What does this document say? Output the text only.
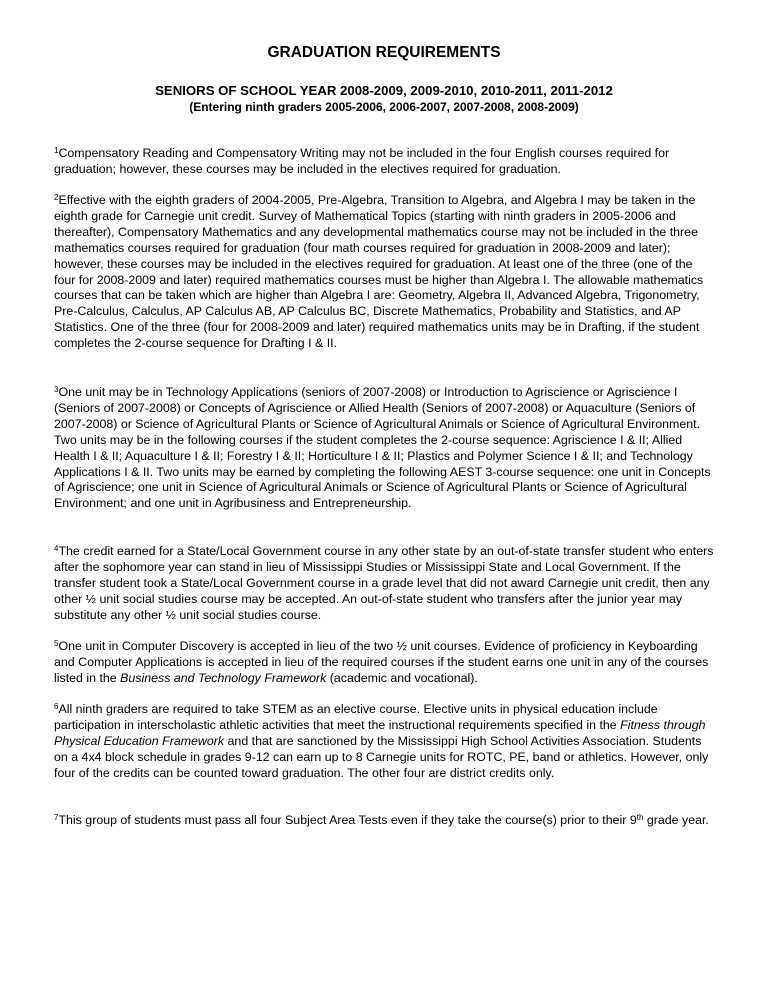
GRADUATION REQUIREMENTS
SENIORS OF SCHOOL YEAR 2008-2009, 2009-2010, 2010-2011, 2011-2012
(Entering ninth graders 2005-2006, 2006-2007, 2007-2008, 2008-2009)

$^1$Compensatory Reading and Compensatory Writing may not be included in the four English courses required for graduation; however, these courses may be included in the electives required for graduation.

$^2$Effective with the eighth graders of 2004-2005, Pre-Algebra, Transition to Algebra, and Algebra I may be taken in the eighth grade for Carnegie unit credit. Survey of Mathematical Topics (starting with ninth graders in 2005-2006 and thereafter), Compensatory Mathematics and any developmental mathematics course may not be included in the three mathematics courses required for graduation (four math courses required for graduation in 2008-2009 and later); however, these courses may be included in the electives required for graduation. At least one of the three (one of the four for 2008-2009 and later) required mathematics courses must be higher than Algebra I. The allowable mathematics courses that can be taken which are higher than Algebra I are: Geometry, Algebra II, Advanced Algebra, Trigonometry, Pre-Calculus, Calculus, AP Calculus AB, AP Calculus BC, Discrete Mathematics, Probability and Statistics, and AP Statistics. One of the three (four for 2008-2009 and later) required mathematics units may be in Drafting, if the student completes the 2-course sequence for Drafting I & II.

$^3$One unit may be in Technology Applications (seniors of 2007-2008) or Introduction to Agriscience or Agriscience I (Seniors of 2007-2008) or Concepts of Agriscience or Allied Health (Seniors of 2007-2008) or Aquaculture (Seniors of 2007-2008) or Science of Agricultural Plants or Science of Agricultural Animals or Science of Agricultural Environment. Two units may be in the following courses if the student completes the 2-course sequence: Agriscience I & II; Allied Health I & II; Aquaculture I & II; Forestry I & II; Horticulture I & II; Plastics and Polymer Science I & II; and Technology Applications I & II. Two units may be earned by completing the following AEST 3-course sequence: one unit in Concepts of Agriscience; one unit in Science of Agricultural Animals or Science of Agricultural Plants or Science of Agricultural Environment; and one unit in Agribusiness and Entrepreneurship.

$^4$The credit earned for a State/Local Government course in any other state by an out-of-state transfer student who enters after the sophomore year can stand in lieu of Mississippi Studies or Mississippi State and Local Government. If the transfer student took a State/Local Government course in a grade level that did not award Carnegie unit credit, then any other ½ unit social studies course may be accepted. An out-of-state student who transfers after the junior year may substitute any other ½ unit social studies course.

$^5$One unit in Computer Discovery is accepted in lieu of the two ½ unit courses. Evidence of proficiency in Keyboarding and Computer Applications is accepted in lieu of the required courses if the student earns one unit in any of the courses listed in the Business and Technology Framework (academic and vocational).

$^6$All ninth graders are required to take STEM as an elective course. Elective units in physical education include participation in interscholastic athletic activities that meet the instructional requirements specified in the Fitness through Physical Education Framework and that are sanctioned by the Mississippi High School Activities Association. Students on a 4x4 block schedule in grades 9-12 can earn up to 8 Carnegie units for ROTC, PE, band or athletics. However, only four of the credits can be counted toward graduation. The other four are district credits only.

$^7$This group of students must pass all four Subject Area Tests even if they take the course(s) prior to their 9th grade year.
